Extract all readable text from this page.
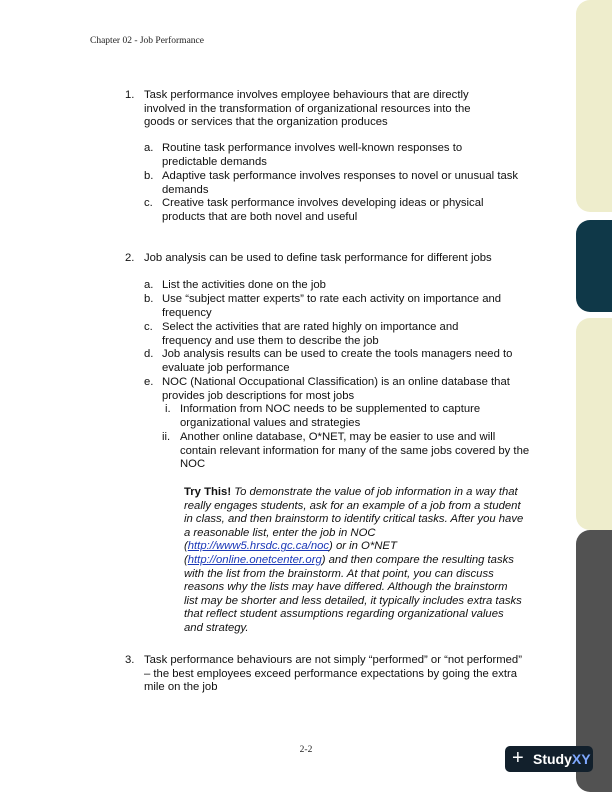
Chapter 02 - Job Performance
1. Task performance involves employee behaviours that are directly involved in the transformation of organizational resources into the goods or services that the organization produces
a. Routine task performance involves well-known responses to predictable demands
b. Adaptive task performance involves responses to novel or unusual task demands
c. Creative task performance involves developing ideas or physical products that are both novel and useful
2. Job analysis can be used to define task performance for different jobs
a. List the activities done on the job
b. Use “subject matter experts” to rate each activity on importance and frequency
c. Select the activities that are rated highly on importance and frequency and use them to describe the job
d. Job analysis results can be used to create the tools managers need to evaluate job performance
e. NOC (National Occupational Classification) is an online database that provides job descriptions for most jobs
i. Information from NOC needs to be supplemented to capture organizational values and strategies
ii. Another online database, O*NET, may be easier to use and will contain relevant information for many of the same jobs covered by the NOC
Try This! To demonstrate the value of job information in a way that really engages students, ask for an example of a job from a student in class, and then brainstorm to identify critical tasks. After you have a reasonable list, enter the job in NOC (http://www5.hrsdc.gc.ca/noc) or in O*NET (http://online.onetcenter.org) and then compare the resulting tasks with the list from the brainstorm. At that point, you can discuss reasons why the lists may have differed. Although the brainstorm list may be shorter and less detailed, it typically includes extra tasks that reflect student assumptions regarding organizational values and strategy.
3. Task performance behaviours are not simply “performed” or “not performed” – the best employees exceed performance expectations by going the extra mile on the job
2-2	+ StudyXY
